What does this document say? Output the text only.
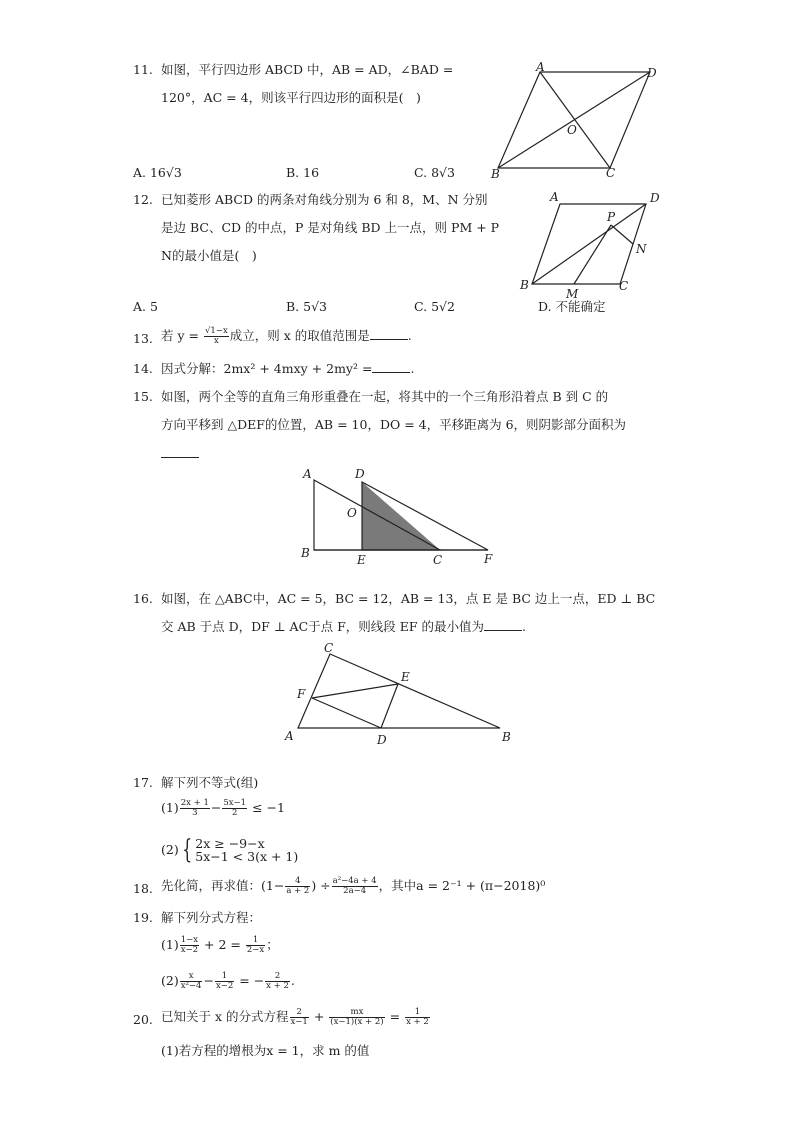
11. 如图，平行四边形 ABCD 中，AB = AD，∠BAD =
120°，AC = 4，则该平行四边形的面积是(　)
A	D
O
B	C
A. 16√3	B. 16	C. 8√3
12. 已知菱形 ABCD 的两条对角线分别为 6 和 8，M、N 分别
是边 BC、CD 的中点，P 是对角线 BD 上一点，则 PM + P
N的最小值是(　)
A	D
P
N
B
M
C
A. 5	B. 5√3	C. 5√2	D. 不能确定
13. 若 $y = \frac{√1-x}{x}$ 成立，则 x 的取值范围是	.
14. 因式分解：2mx² + 4mxy + 2my² =	.
15. 如图，两个全等的直角三角形重叠在一起，将其中的一个三角形沿着点 B 到 C 的
方向平移到 △DEF的位置，AB = 10，DO = 4，平移距离为 6，则阴影部分面积为
A	D
O
B	E	C	F
16. 如图，在 △ABC中，AC = 5，BC = 12，AB = 13，点 E 是 BC 边上一点，ED ⊥ BC
交 AB 于点 D，DF ⊥ AC于点 F，则线段 EF 的最小值为	.
C
E
F
A	D	B
17. 解下列不等式(组)
$(1) \frac{2x + 1}{3} - \frac{5x-1}{2} \le -1$
(2) { 2x ≥ −9−x
5x−1 < 3(x + 1)
18. 先化简，再求值：($1- \frac{4}{a + 2}$ ) ÷ $\frac{\text{a²−4a + 4}}{2a-4}$ ，其中a = 2⁻¹ + (π−2018)⁰
19. 解下列分式方程：
$(1) \frac{1-x}{x-2} + 2 = \frac{1}{2-x}$ ；
$(2) \frac{x}{\text{x²−4}} - \frac{1}{x-2}$ = − $\frac{2}{x + 2}$ .
20. 已知关于 x 的分式方程 $\frac{2}{x-1} + \frac{mx}{(x-1)(x + 2)} = \frac{1}{x + 2}$
(1)若方程的增根为x = 1，求 m 的值
